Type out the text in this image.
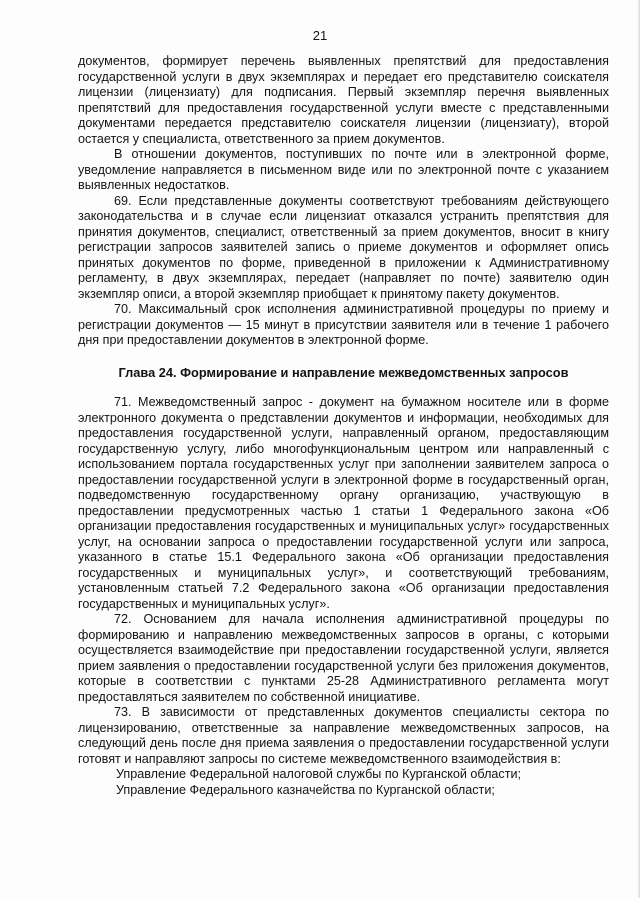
21

документов, формирует перечень выявленных препятствий для предоставления государственной услуги в двух экземплярах и передает его представителю соискателя лицензии (лицензиату) для подписания. Первый экземпляр перечня выявленных препятствий для предоставления государственной услуги вместе с представленными документами передается представителю соискателя лицензии (лицензиату), второй остается у специалиста, ответственного за прием документов.

В отношении документов, поступивших по почте или в электронной форме, уведомление направляется в письменном виде или по электронной почте с указанием выявленных недостатков.

69. Если представленные документы соответствуют требованиям действующего законодательства и в случае если лицензиат отказался устранить препятствия для принятия документов, специалист, ответственный за прием документов, вносит в книгу регистрации запросов заявителей запись о приеме документов и оформляет опись принятых документов по форме, приведенной в приложении к Административному регламенту, в двух экземплярах, передает (направляет по почте) заявителю один экземпляр описи, а второй экземпляр приобщает к принятому пакету документов.

70. Максимальный срок исполнения административной процедуры по приему и регистрации документов — 15 минут в присутствии заявителя или в течение 1 рабочего дня при предоставлении документов в электронной форме.

Глава 24. Формирование и направление межведомственных запросов

71. Межведомственный запрос - документ на бумажном носителе или в форме электронного документа о представлении документов и информации, необходимых для предоставления государственной услуги, направленный органом, предоставляющим государственную услугу, либо многофункциональным центром или направленный с использованием портала государственных услуг при заполнении заявителем запроса о предоставлении государственной услуги в электронной форме в государственный орган, подведомственную государственному органу организацию, участвующую в предоставлении предусмотренных частью 1 статьи 1 Федерального закона «Об организации предоставления государственных и муниципальных услуг» государственных услуг, на основании запроса о предоставлении государственной услуги или запроса, указанного в статье 15.1 Федерального закона «Об организации предоставления государственных и муниципальных услуг», и соответствующий требованиям, установленным статьей 7.2 Федерального закона «Об организации предоставления государственных и муниципальных услуг».

72. Основанием для начала исполнения административной процедуры по формированию и направлению межведомственных запросов в органы, с которыми осуществляется взаимодействие при предоставлении государственной услуги, является прием заявления о предоставлении государственной услуги без приложения документов, которые в соответствии с пунктами 25-28 Административного регламента могут предоставляться заявителем по собственной инициативе.

73. В зависимости от представленных документов специалисты сектора по лицензированию, ответственные за направление межведомственных запросов, на следующий день после дня приема заявления о предоставлении государственной услуги готовят и направляют запросы по системе межведомственного взаимодействия в:

Управление Федеральной налоговой службы по Курганской области;

Управление Федерального казначейства по Курганской области;
